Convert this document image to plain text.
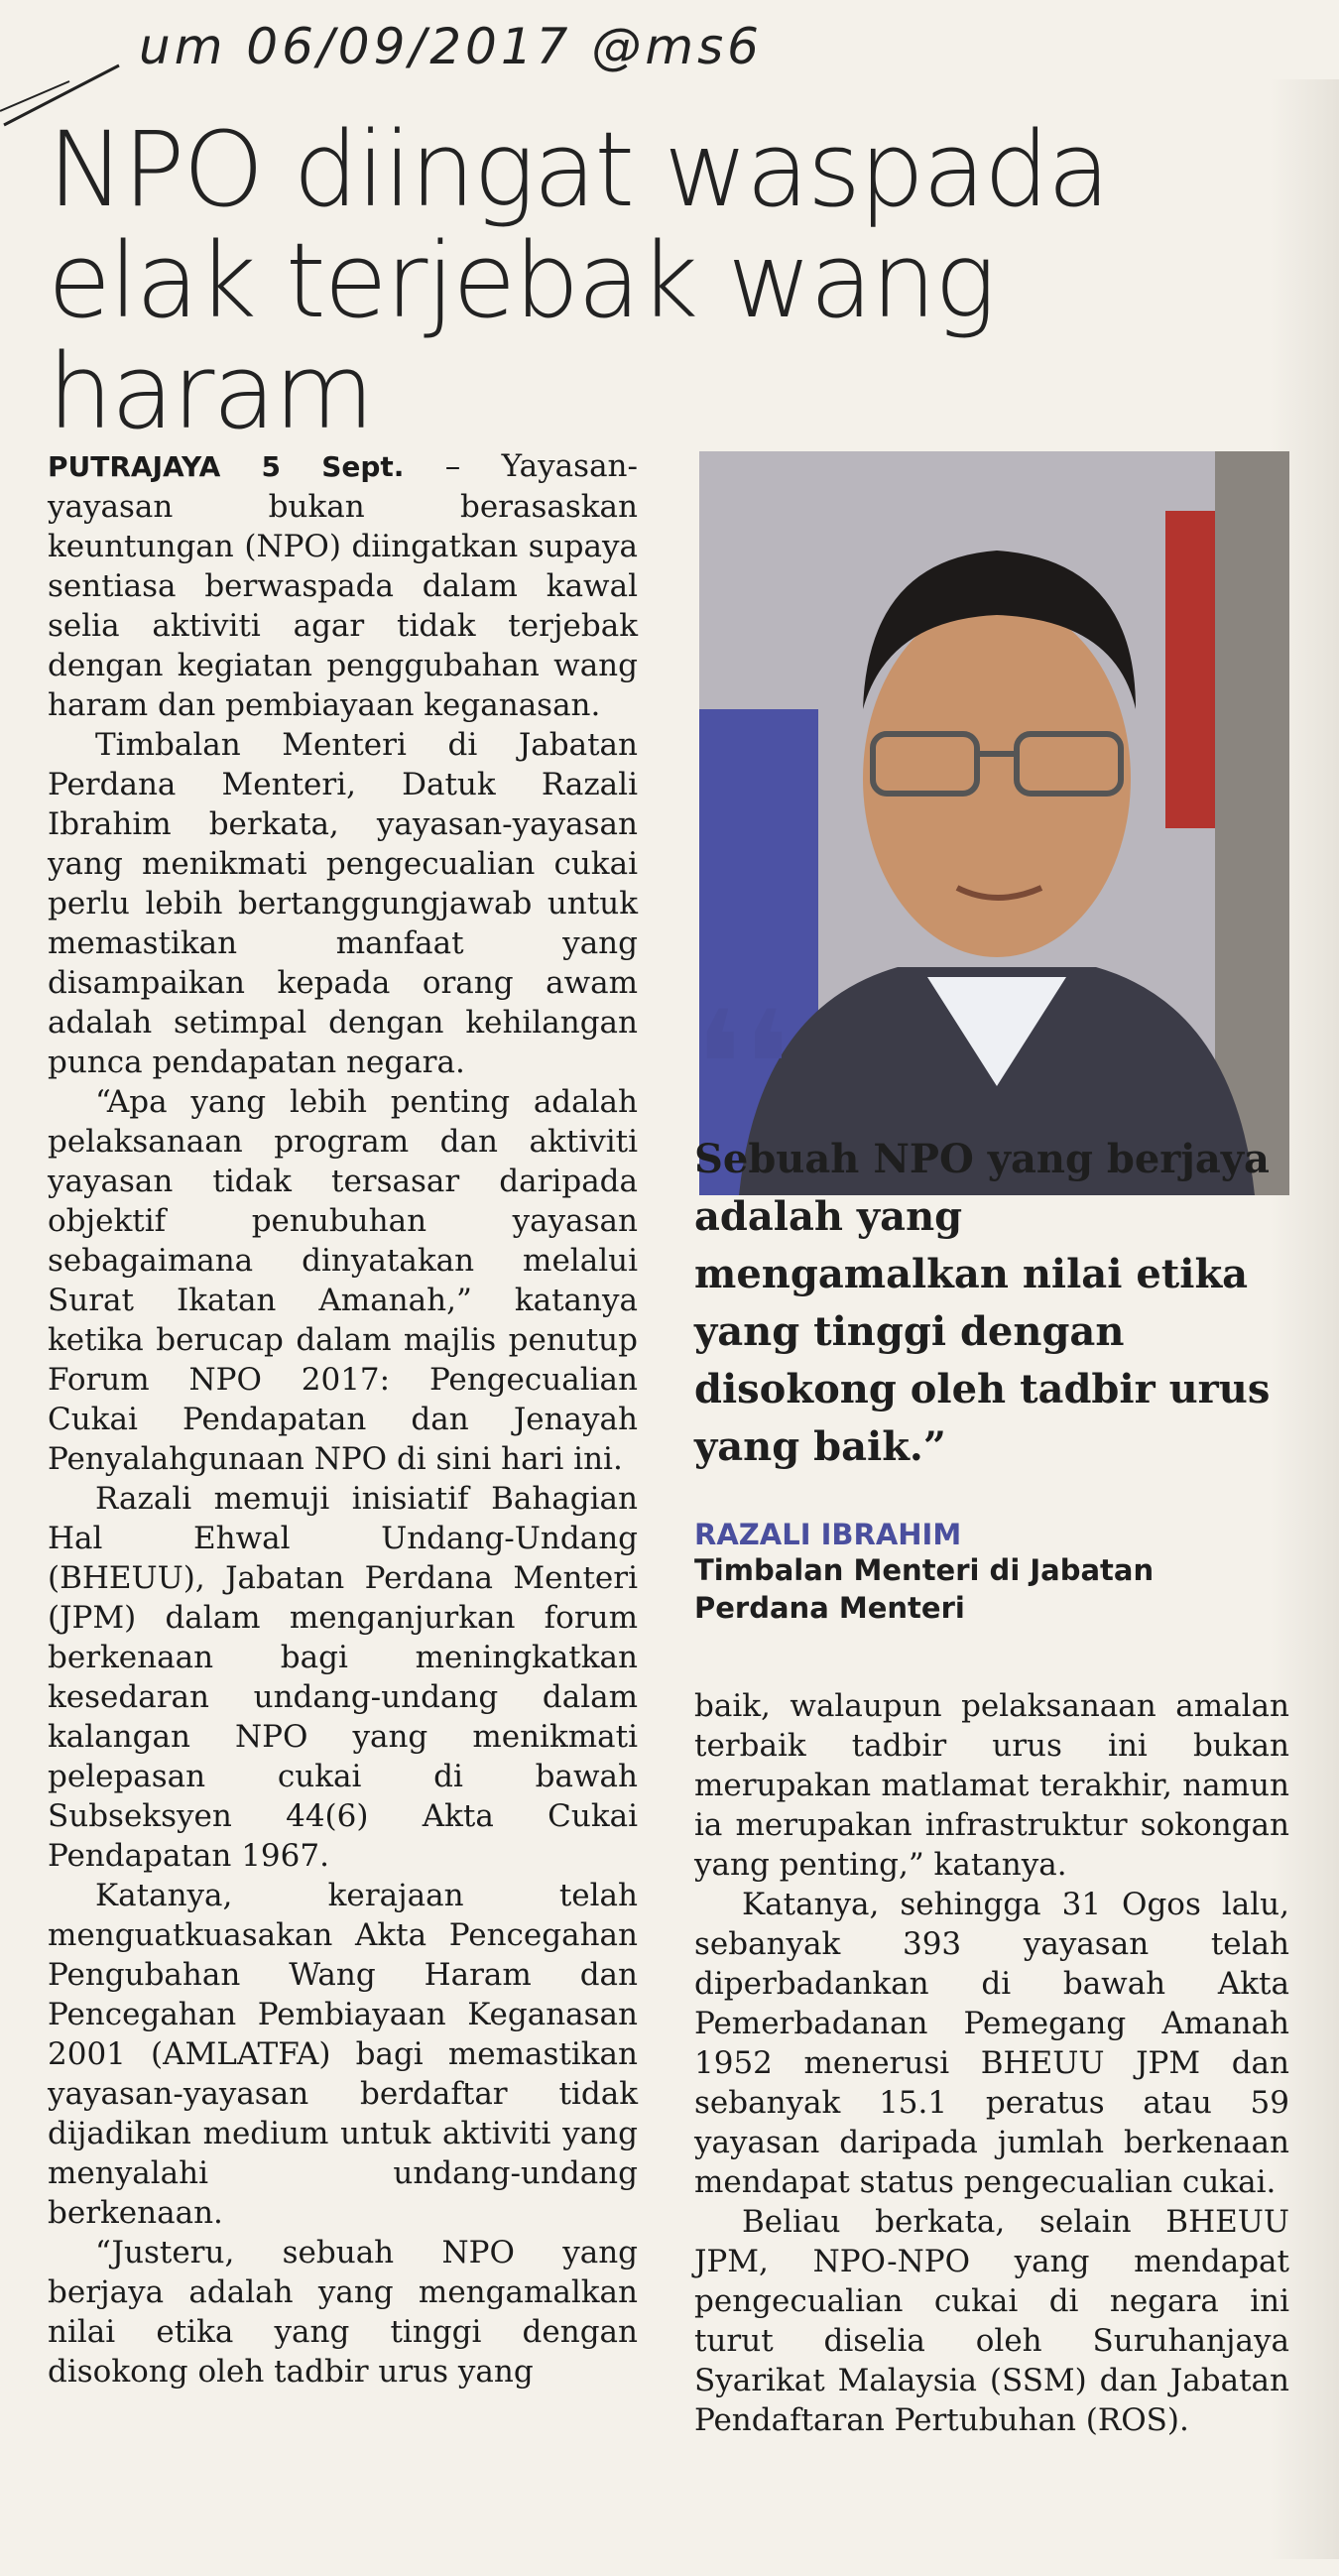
um 06/09/2017 @ms6
NPO diingat waspada
elak terjebak wang haram

PUTRAJAYA 5 Sept. – Yayasan-yayasan bukan berasaskan keuntungan (NPO) diingatkan supaya sentiasa berwaspada dalam kawal selia aktiviti agar tidak terjebak dengan kegiatan penggubahan wang haram dan pembiayaan keganasan.

Timbalan Menteri di Jabatan Perdana Menteri, Datuk Razali Ibrahim berkata, yayasan-yayasan yang menikmati pengecualian cukai perlu lebih bertanggungjawab untuk memastikan manfaat yang disampaikan kepada orang awam adalah setimpal dengan kehilangan punca pendapatan negara.

“Apa yang lebih penting adalah pelaksanaan program dan aktiviti yayasan tidak tersasar daripada objektif penubuhan yayasan sebagaimana dinyatakan melalui Surat Ikatan Amanah,” katanya ketika berucap dalam majlis penutup Forum NPO 2017: Pengecualian Cukai Pendapatan dan Jenayah Penyalahgunaan NPO di sini hari ini.

Razali memuji inisiatif Bahagian Hal Ehwal Undang-Undang (BHEUU), Jabatan Perdana Menteri (JPM) dalam menganjurkan forum berkenaan bagi meningkatkan kesedaran undang-undang dalam kalangan NPO yang menikmati pelepasan cukai di bawah Subseksyen 44(6) Akta Cukai Pendapatan 1967.

Katanya, kerajaan telah menguatkuasakan Akta Pencegahan Pengubahan Wang Haram dan Pencegahan Pembiayaan Keganasan 2001 (AMLATFA) bagi memastikan yayasan-yayasan berdaftar tidak dijadikan medium untuk aktiviti yang menyalahi undang-undang berkenaan.

“Justeru, sebuah NPO yang berjaya adalah yang mengamalkan nilai etika yang tinggi dengan disokong oleh tadbir urus yang

❛❛
Sebuah NPO yang berjaya adalah yang mengamalkan nilai etika yang tinggi dengan disokong oleh tadbir urus yang baik.”
RAZALI IBRAHIM
Timbalan Menteri di Jabatan Perdana Menteri

baik, walaupun pelaksanaan amalan terbaik tadbir urus ini bukan merupakan matlamat terakhir, namun ia merupakan infrastruktur sokongan yang penting,” katanya.

Katanya, sehingga 31 Ogos lalu, sebanyak 393 yayasan telah diperbadankan di bawah Akta Pemerbadanan Pemegang Amanah 1952 menerusi BHEUU JPM dan sebanyak 15.1 peratus atau 59 yayasan daripada jumlah berkenaan mendapat status pengecualian cukai.

Beliau berkata, selain BHEUU JPM, NPO-NPO yang mendapat pengecualian cukai di negara ini turut diselia oleh Suruhanjaya Syarikat Malaysia (SSM) dan Jabatan Pendaftaran Pertubuhan (ROS).
